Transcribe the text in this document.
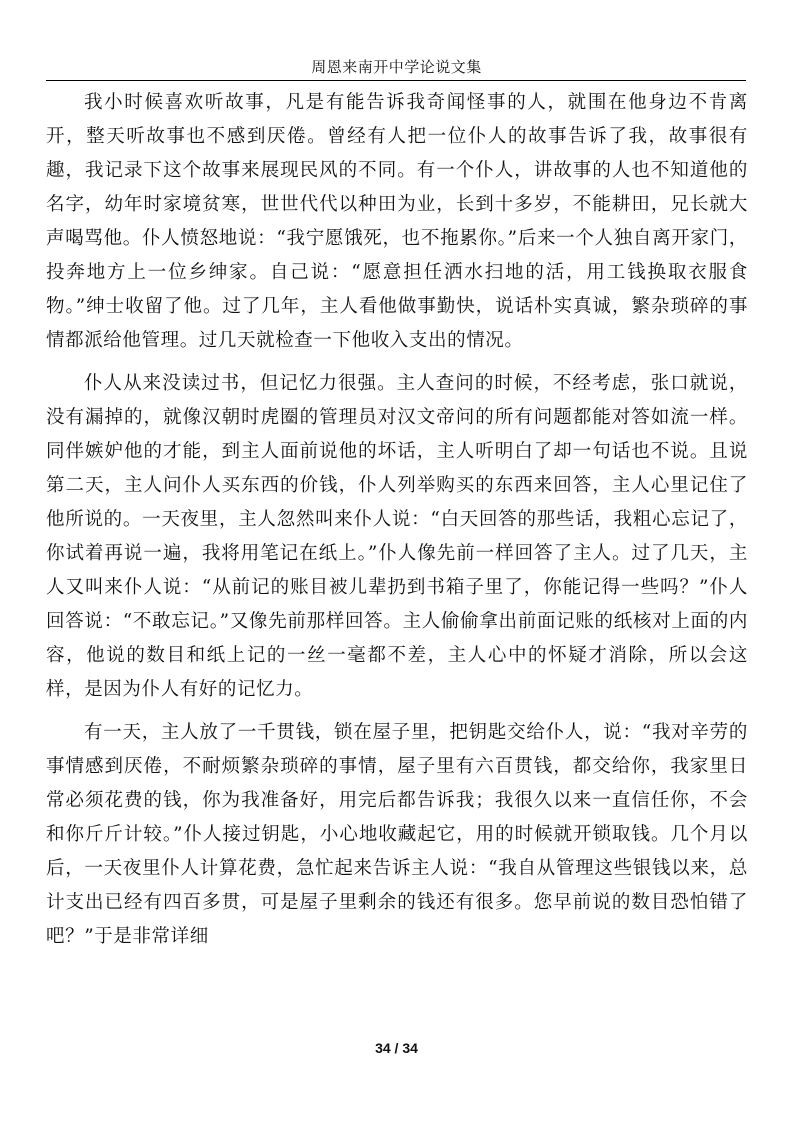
周恩来南开中学论说文集

我小时候喜欢听故事，凡是有能告诉我奇闻怪事的人，就围在他身边不肯离开，整天听故事也不感到厌倦。曾经有人把一位仆人的故事告诉了我，故事很有趣，我记录下这个故事来展现民风的不同。有一个仆人，讲故事的人也不知道他的名字，幼年时家境贫寒，世世代代以种田为业，长到十多岁，不能耕田，兄长就大声喝骂他。仆人愤怒地说：“我宁愿饿死，也不拖累你。”后来一个人独自离开家门，投奔地方上一位乡绅家。自己说：“愿意担任洒水扫地的活，用工钱换取衣服食物。”绅士收留了他。过了几年，主人看他做事勤快，说话朴实真诚，繁杂琐碎的事情都派给他管理。过几天就检查一下他收入支出的情况。

仆人从来没读过书，但记忆力很强。主人查问的时候，不经考虑，张口就说，没有漏掉的，就像汉朝时虎圈的管理员对汉文帝问的所有问题都能对答如流一样。同伴嫉妒他的才能，到主人面前说他的坏话，主人听明白了却一句话也不说。且说第二天，主人问仆人买东西的价钱，仆人列举购买的东西来回答，主人心里记住了他所说的。一天夜里，主人忽然叫来仆人说：“白天回答的那些话，我粗心忘记了，你试着再说一遍，我将用笔记在纸上。”仆人像先前一样回答了主人。过了几天，主人又叫来仆人说：“从前记的账目被儿辈扔到书箱子里了，你能记得一些吗？”仆人回答说：“不敢忘记。”又像先前那样回答。主人偷偷拿出前面记账的纸核对上面的内容，他说的数目和纸上记的一丝一毫都不差，主人心中的怀疑才消除，所以会这样，是因为仆人有好的记忆力。

有一天，主人放了一千贯钱，锁在屋子里，把钥匙交给仆人，说：“我对辛劳的事情感到厌倦，不耐烦繁杂琐碎的事情，屋子里有六百贯钱，都交给你，我家里日常必须花费的钱，你为我准备好，用完后都告诉我；我很久以来一直信任你，不会和你斤斤计较。”仆人接过钥匙，小心地收藏起它，用的时候就开锁取钱。几个月以后，一天夜里仆人计算花费，急忙起来告诉主人说：“我自从管理这些银钱以来，总计支出已经有四百多贯，可是屋子里剩余的钱还有很多。您早前说的数目恐怕错了吧？”于是非常详细

34 / 34
